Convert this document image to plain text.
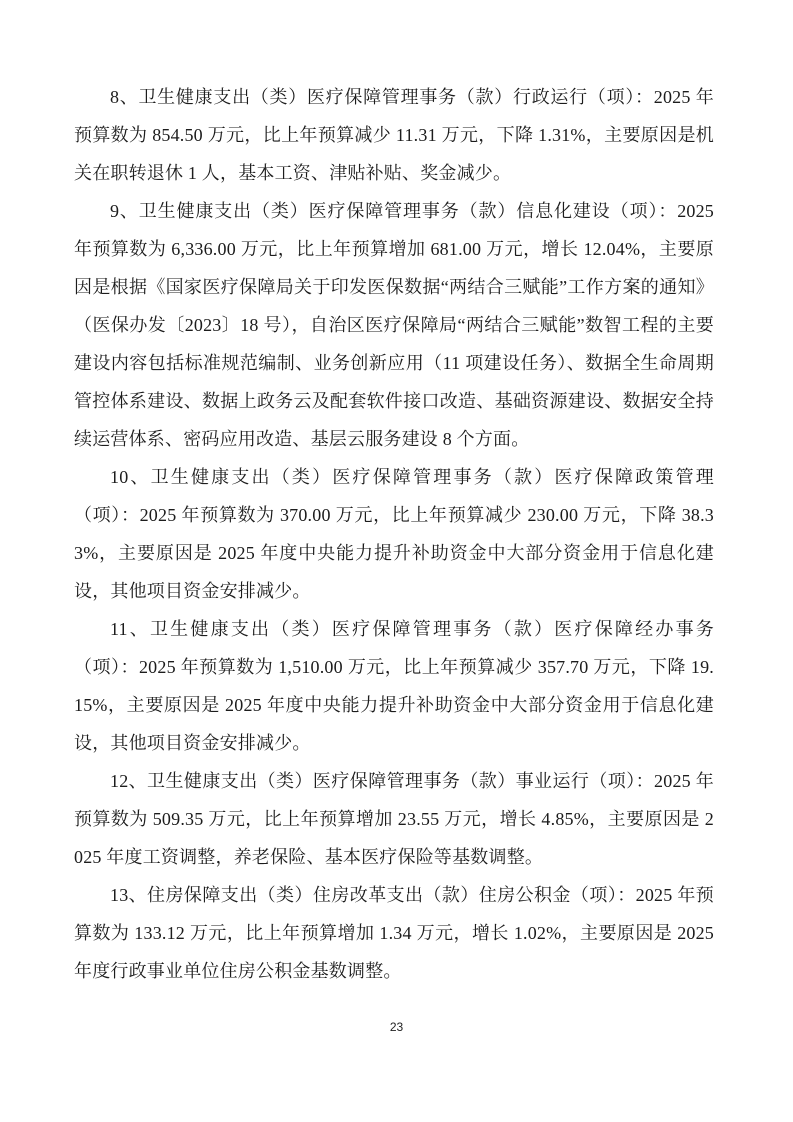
8、卫生健康支出（类）医疗保障管理事务（款）行政运行（项）：2025 年预算数为 854.50 万元，比上年预算减少 11.31 万元，下降 1.31%，主要原因是机关在职转退休 1 人，基本工资、津贴补贴、奖金减少。

9、卫生健康支出（类）医疗保障管理事务（款）信息化建设（项）：2025 年预算数为 6,336.00 万元，比上年预算增加 681.00 万元，增长 12.04%，主要原因是根据《国家医疗保障局关于印发医保数据“两结合三赋能”工作方案的通知》（医保办发〔2023〕18 号），自治区医疗保障局“两结合三赋能”数智工程的主要建设内容包括标准规范编制、业务创新应用（11 项建设任务）、数据全生命周期管控体系建设、数据上政务云及配套软件接口改造、基础资源建设、数据安全持续运营体系、密码应用改造、基层云服务建设 8 个方面。

10、卫生健康支出（类）医疗保障管理事务（款）医疗保障政策管理（项）：2025 年预算数为 370.00 万元，比上年预算减少 230.00 万元，下降 38.33%，主要原因是 2025 年度中央能力提升补助资金中大部分资金用于信息化建设，其他项目资金安排减少。

11、卫生健康支出（类）医疗保障管理事务（款）医疗保障经办事务（项）：2025 年预算数为 1,510.00 万元，比上年预算减少 357.70 万元，下降 19.15%，主要原因是 2025 年度中央能力提升补助资金中大部分资金用于信息化建设，其他项目资金安排减少。

12、卫生健康支出（类）医疗保障管理事务（款）事业运行（项）：2025 年预算数为 509.35 万元，比上年预算增加 23.55 万元，增长 4.85%，主要原因是 2025 年度工资调整，养老保险、基本医疗保险等基数调整。

13、住房保障支出（类）住房改革支出（款）住房公积金（项）：2025 年预算数为 133.12 万元，比上年预算增加 1.34 万元，增长 1.02%，主要原因是 2025 年度行政事业单位住房公积金基数调整。

23
